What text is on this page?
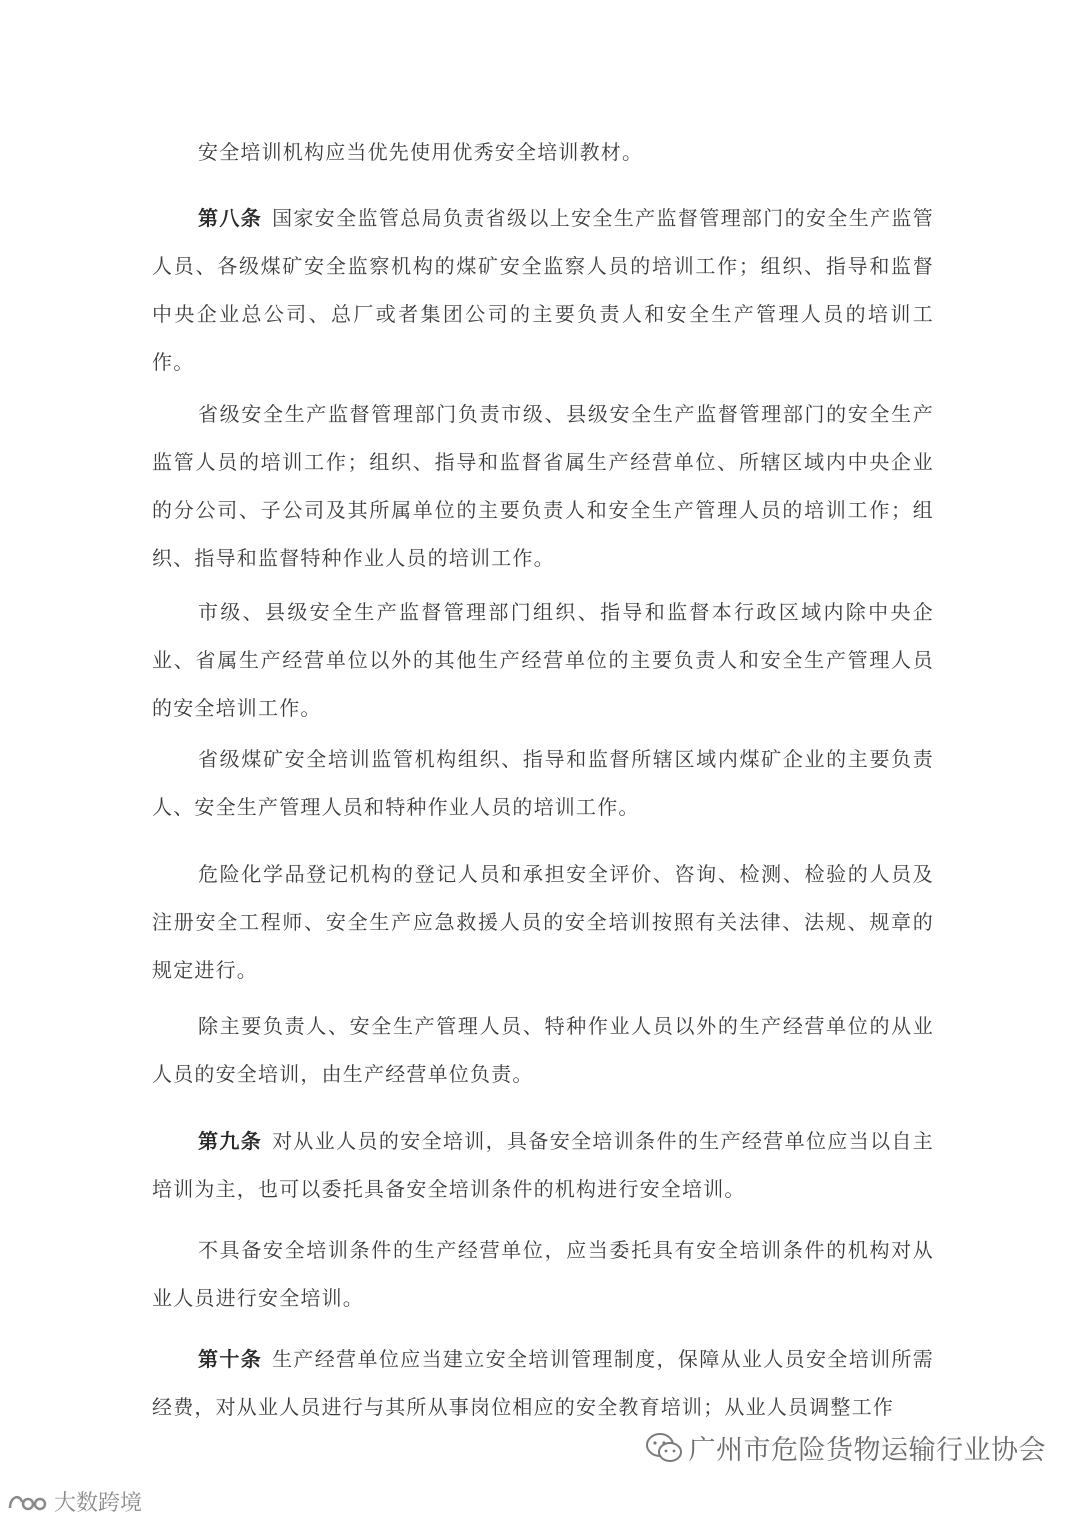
安全培训机构应当优先使用优秀安全培训教材。

第八条 国家安全监管总局负责省级以上安全生产监督管理部门的安全生产监管人员、各级煤矿安全监察机构的煤矿安全监察人员的培训工作；组织、指导和监督中央企业总公司、总厂或者集团公司的主要负责人和安全生产管理人员的培训工作。

省级安全生产监督管理部门负责市级、县级安全生产监督管理部门的安全生产监管人员的培训工作；组织、指导和监督省属生产经营单位、所辖区域内中央企业的分公司、子公司及其所属单位的主要负责人和安全生产管理人员的培训工作；组织、指导和监督特种作业人员的培训工作。

市级、县级安全生产监督管理部门组织、指导和监督本行政区域内除中央企业、省属生产经营单位以外的其他生产经营单位的主要负责人和安全生产管理人员的安全培训工作。

省级煤矿安全培训监管机构组织、指导和监督所辖区域内煤矿企业的主要负责人、安全生产管理人员和特种作业人员的培训工作。

危险化学品登记机构的登记人员和承担安全评价、咨询、检测、检验的人员及注册安全工程师、安全生产应急救援人员的安全培训按照有关法律、法规、规章的规定进行。

除主要负责人、安全生产管理人员、特种作业人员以外的生产经营单位的从业人员的安全培训，由生产经营单位负责。

第九条 对从业人员的安全培训，具备安全培训条件的生产经营单位应当以自主培训为主，也可以委托具备安全培训条件的机构进行安全培训。

不具备安全培训条件的生产经营单位，应当委托具有安全培训条件的机构对从业人员进行安全培训。

第十条 生产经营单位应当建立安全培训管理制度，保障从业人员安全培训所需经费，对从业人员进行与其所从事岗位相应的安全教育培训；从业人员调整工作

广州市危险货物运输行业协会
大数跨境
